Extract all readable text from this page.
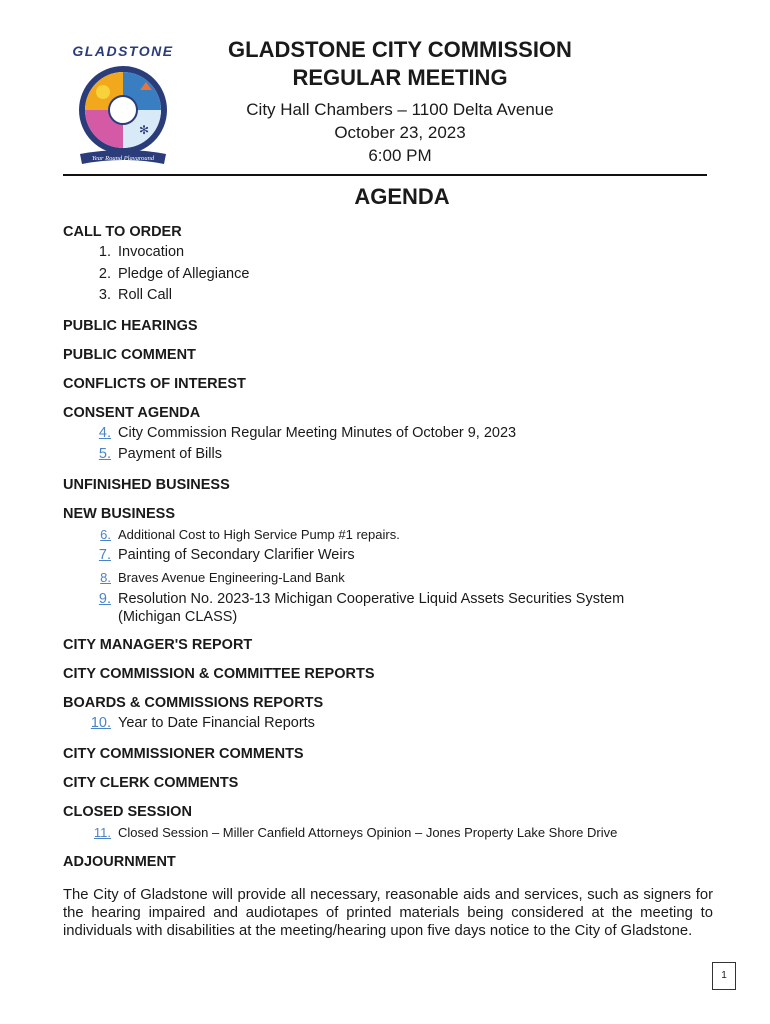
GLADSTONE
✻
Year Round Playground
GLADSTONE CITY COMMISSION
REGULAR MEETING
City Hall Chambers – 1100 Delta Avenue
October 23, 2023
6:00 PM
AGENDA
CALL TO ORDER
1. Invocation
2. Pledge of Allegiance
3. Roll Call
PUBLIC HEARINGS
PUBLIC COMMENT
CONFLICTS OF INTEREST
CONSENT AGENDA
4. City Commission Regular Meeting Minutes of October 9, 2023
5. Payment of Bills
UNFINISHED BUSINESS
NEW BUSINESS
6. Additional Cost to High Service Pump #1 repairs.
7. Painting of Secondary Clarifier Weirs
8. Braves Avenue Engineering-Land Bank
9. Resolution No. 2023-13 Michigan Cooperative Liquid Assets Securities System
(Michigan CLASS)
CITY MANAGER'S REPORT
CITY COMMISSION & COMMITTEE REPORTS
BOARDS & COMMISSIONS REPORTS
10. Year to Date Financial Reports
CITY COMMISSIONER COMMENTS
CITY CLERK COMMENTS
CLOSED SESSION
11. Closed Session – Miller Canfield Attorneys Opinion – Jones Property Lake Shore Drive
ADJOURNMENT
The City of Gladstone will provide all necessary, reasonable aids and services, such as signers for the hearing impaired and audiotapes of printed materials being considered at the meeting to individuals with disabilities at the meeting/hearing upon five days notice to the City of Gladstone.
1
